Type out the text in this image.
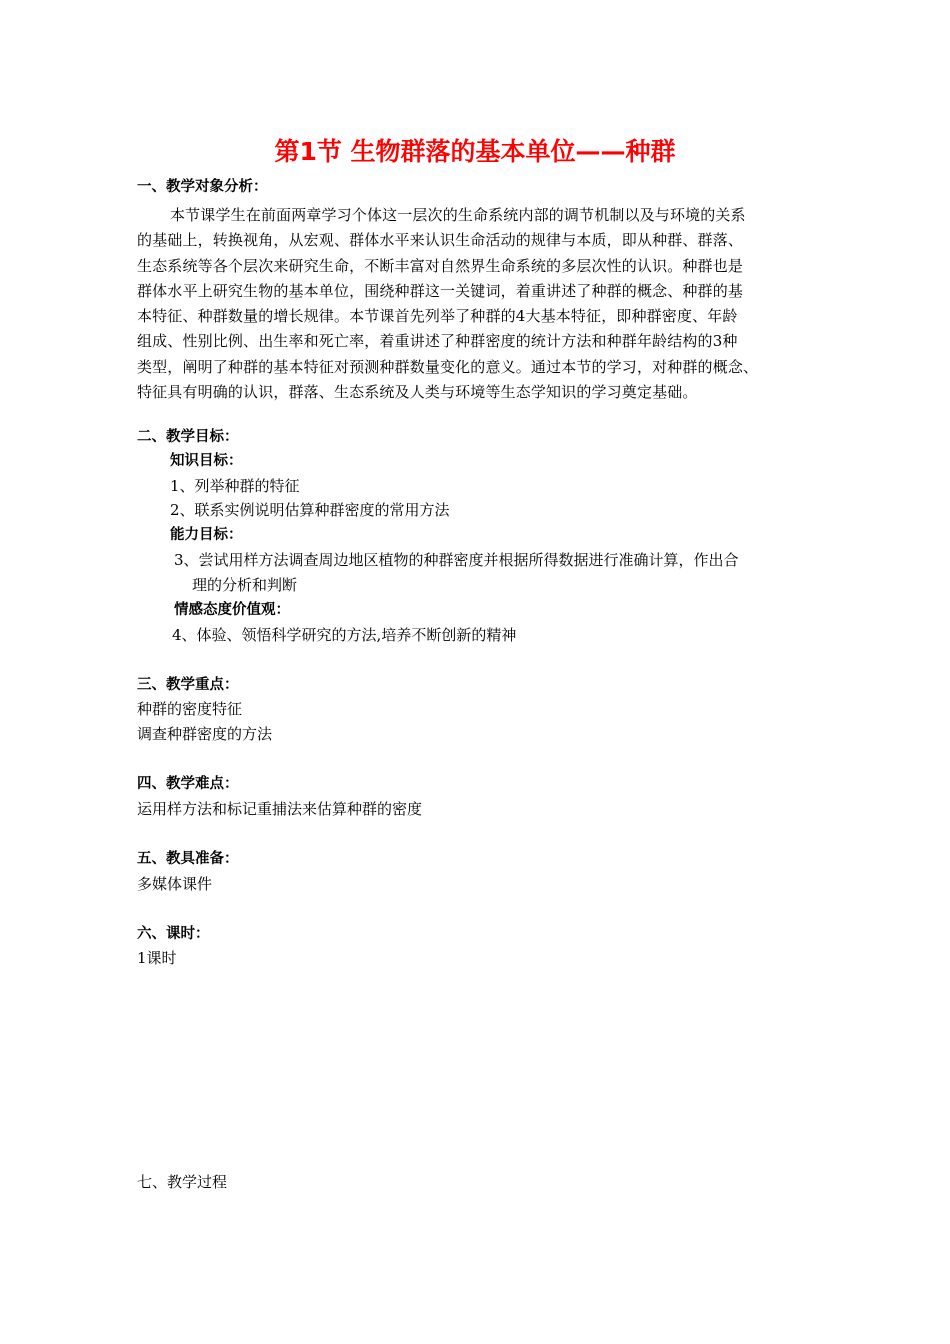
第1节 生物群落的基本单位——种群
一、教学对象分析：

本节课学生在前面两章学习个体这一层次的生命系统内部的调节机制以及与环境的关系

的基础上，转换视角，从宏观、群体水平来认识生命活动的规律与本质，即从种群、群落、

生态系统等各个层次来研究生命，不断丰富对自然界生命系统的多层次性的认识。种群也是

群体水平上研究生物的基本单位，围绕种群这一关键词，着重讲述了种群的概念、种群的基

本特征、种群数量的增长规律。本节课首先列举了种群的4大基本特征，即种群密度、年龄

组成、性别比例、出生率和死亡率，着重讲述了种群密度的统计方法和种群年龄结构的3种

类型，阐明了种群的基本特征对预测种群数量变化的意义。通过本节的学习，对种群的概念、

特征具有明确的认识，群落、生态系统及人类与环境等生态学知识的学习奠定基础。

二、教学目标：
知识目标：
1、列举种群的特征
2、联系实例说明估算种群密度的常用方法
能力目标：
3、尝试用样方法调查周边地区植物的种群密度并根据所得数据进行准确计算，作出合
理的分析和判断
情感态度价值观：
4、体验、领悟科学研究的方法,培养不断创新的精神
三、教学重点：
种群的密度特征
调查种群密度的方法
四、教学难点：
运用样方法和标记重捕法来估算种群的密度
五、教具准备：
多媒体课件
六、课时：
1课时
七、教学过程
